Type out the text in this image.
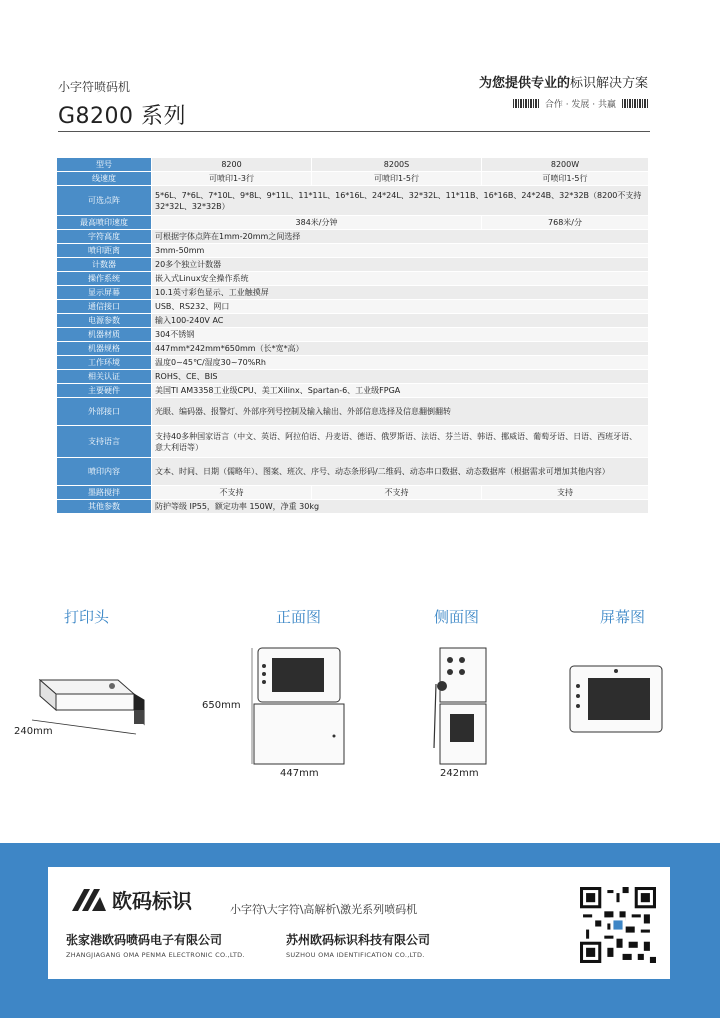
小字符喷码机
G8200 系列
为您提供专业的标识解决方案
合作 · 发展 · 共赢
型号	8200	8200S	8200W
线速度	可喷印1-3行	可喷印1-5行	可喷印1-5行
可选点阵	5*6L、7*6L、7*10L、9*8L、9*11L、11*11L、16*16L、24*24L、32*32L、11*11B、16*16B、24*24B、32*32B（8200不支持32*32L、32*32B）		
最高喷印速度	384米/分钟		768米/分
字符高度	可根据字体点阵在1mm-20mm之间选择		
喷印距离	3mm-50mm		
计数器	20多个独立计数器		
操作系统	嵌入式Linux安全操作系统		
显示屏幕	10.1英寸彩色显示、工业触摸屏		
通信接口	USB、RS232、网口		
电源参数	输入100-240V AC		
机器材质	304不锈钢		
机器规格	447mm*242mm*650mm（长*宽*高）		
工作环境	温度0~45℃/湿度30~70%Rh		
相关认证	ROHS、CE、BIS		
主要硬件	美国TI AM3358工业级CPU、美工Xilinx、Spartan-6、工业级FPGA		
外部接口	光眼、编码器、报警灯、外部序列号控制及输入输出、外部信息选择及信息翻倒翻转		
支持语言	支持40多种国家语言（中文、英语、阿拉伯语、丹麦语、德语、俄罗斯语、法语、芬兰语、韩语、挪威语、葡萄牙语、日语、西班牙语、意大利语等）		
喷印内容	文本、时间、日期（儒略年）、图案、班次、序号、动态条形码/二维码、动态串口数据、动态数据库（根据需求可增加其他内容）		
墨路搅拌	不支持	不支持	支持
其他参数	防护等级 IP55，额定功率 150W，净重 30kg		
打印头	正面图	侧面图	屏幕图
240mm
650mm
447mm	242mm
欧码标识	小字符\大字符\高解析\激光系列喷码机
张家港欧码喷码电子有限公司
ZHANGJIAGANG OMA PENMA ELECTRONIC CO.,LTD.
苏州欧码标识科技有限公司
SUZHOU OMA IDENTIFICATION CO.,LTD.
